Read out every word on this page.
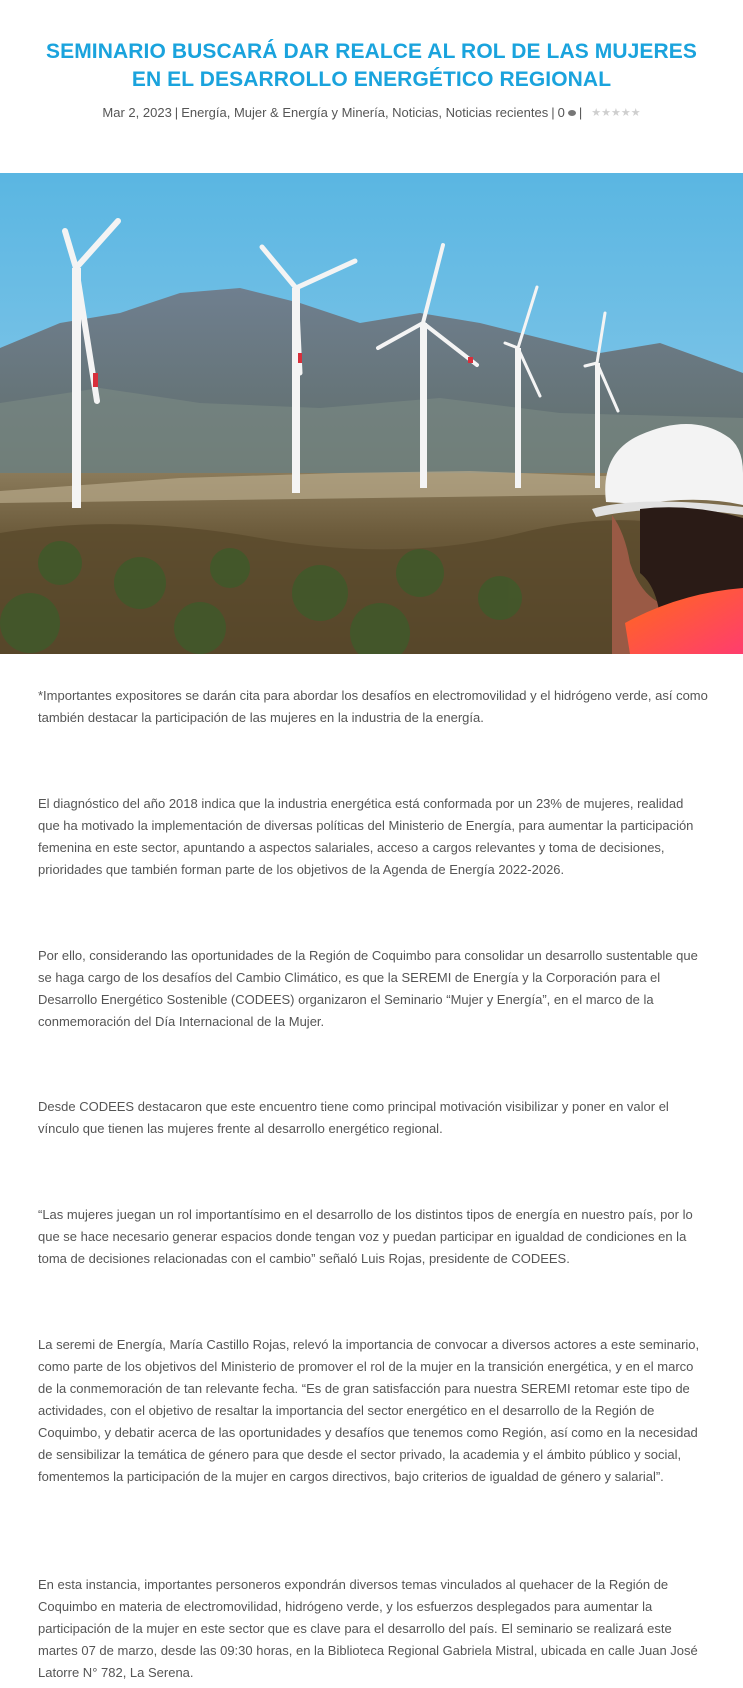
SEMINARIO BUSCARÁ DAR REALCE AL ROL DE LAS MUJERES EN EL DESARROLLO ENERGÉTICO REGIONAL
Mar 2, 2023 | Energía, Mujer & Energía y Minería, Noticias, Noticias recientes | 0 | ★★★★★

*Importantes expositores se darán cita para abordar los desafíos en electromovilidad y el hidrógeno verde, así como también destacar la participación de las mujeres en la industria de la energía.

El diagnóstico del año 2018 indica que la industria energética está conformada por un 23% de mujeres, realidad que ha motivado la implementación de diversas políticas del Ministerio de Energía, para aumentar la participación femenina en este sector, apuntando a aspectos salariales, acceso a cargos relevantes y toma de decisiones, prioridades que también forman parte de los objetivos de la Agenda de Energía 2022-2026.

Por ello, considerando las oportunidades de la Región de Coquimbo para consolidar un desarrollo sustentable que se haga cargo de los desafíos del Cambio Climático, es que la SEREMI de Energía y la Corporación para el Desarrollo Energético Sostenible (CODEES) organizaron el Seminario “Mujer y Energía”, en el marco de la conmemoración del Día Internacional de la Mujer.

Desde CODEES destacaron que este encuentro tiene como principal motivación visibilizar y poner en valor el vínculo que tienen las mujeres frente al desarrollo energético regional.

“Las mujeres juegan un rol importantísimo en el desarrollo de los distintos tipos de energía en nuestro país, por lo que se hace necesario generar espacios donde tengan voz y puedan participar en igualdad de condiciones en la toma de decisiones relacionadas con el cambio” señaló Luis Rojas, presidente de CODEES.

La seremi de Energía, María Castillo Rojas, relevó la importancia de convocar a diversos actores a este seminario, como parte de los objetivos del Ministerio de promover el rol de la mujer en la transición energética, y en el marco de la conmemoración de tan relevante fecha. “Es de gran satisfacción para nuestra SEREMI retomar este tipo de actividades, con el objetivo de resaltar la importancia del sector energético en el desarrollo de la Región de Coquimbo, y debatir acerca de las oportunidades y desafíos que tenemos como Región, así como en la necesidad de sensibilizar la temática de género para que desde el sector privado, la academia y el ámbito público y social, fomentemos la participación de la mujer en cargos directivos, bajo criterios de igualdad de género y salarial”.

En esta instancia, importantes personeros expondrán diversos temas vinculados al quehacer de la Región de Coquimbo en materia de electromovilidad, hidrógeno verde, y los esfuerzos desplegados para aumentar la participación de la mujer en este sector que es clave para el desarrollo del país. El seminario se realizará este martes 07 de marzo, desde las 09:30 horas, en la Biblioteca Regional Gabriela Mistral, ubicada en calle Juan José Latorre N° 782, La Serena.
